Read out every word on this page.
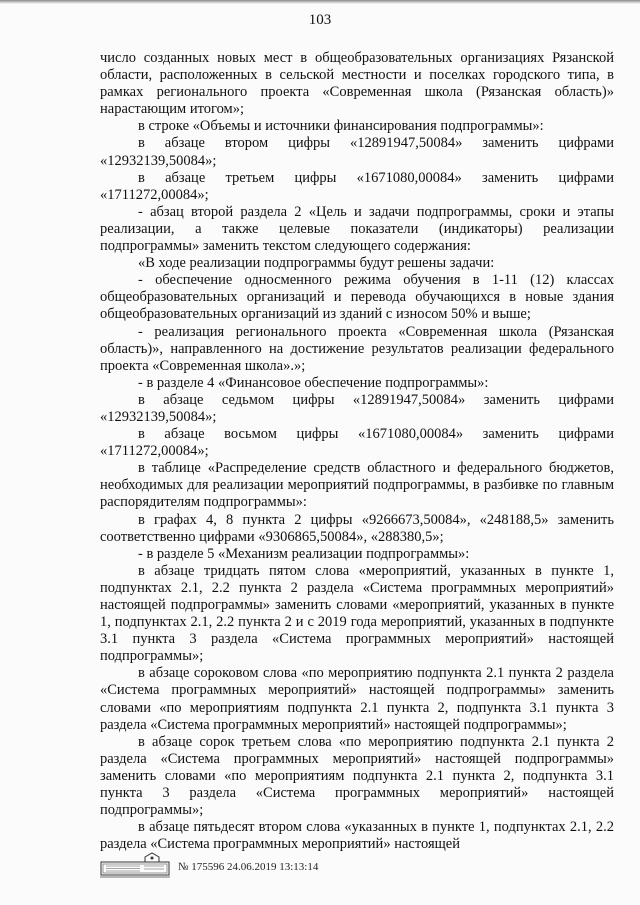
103

число созданных новых мест в общеобразовательных организациях Рязанской области, расположенных в сельской местности и поселках городского типа, в рамках регионального проекта «Современная школа (Рязанская область)» нарастающим итогом»;

в строке «Объемы и источники финансирования подпрограммы»:

в абзаце втором цифры «12891947,50084» заменить цифрами «12932139,50084»;

в абзаце третьем цифры «1671080,00084» заменить цифрами «1711272,00084»;

- абзац второй раздела 2 «Цель и задачи подпрограммы, сроки и этапы реализации, а также целевые показатели (индикаторы) реализации подпрограммы» заменить текстом следующего содержания:

«В ходе реализации подпрограммы будут решены задачи:

- обеспечение односменного режима обучения в 1-11 (12) классах общеобразовательных организаций и перевода обучающихся в новые здания общеобразовательных организаций из зданий с износом 50% и выше;

- реализация регионального проекта «Современная школа (Рязанская область)», направленного на достижение результатов реализации федерального проекта «Современная школа».»;

- в разделе 4 «Финансовое обеспечение подпрограммы»:

в абзаце седьмом цифры «12891947,50084» заменить цифрами «12932139,50084»;

в абзаце восьмом цифры «1671080,00084» заменить цифрами «1711272,00084»;

в таблице «Распределение средств областного и федерального бюджетов, необходимых для реализации мероприятий подпрограммы, в разбивке по главным распорядителям подпрограммы»:

в графах 4, 8 пункта 2 цифры «9266673,50084», «248188,5» заменить соответственно цифрами «9306865,50084», «288380,5»;

- в разделе 5 «Механизм реализации подпрограммы»:

в абзаце тридцать пятом слова «мероприятий, указанных в пункте 1, подпунктах 2.1, 2.2 пункта 2 раздела «Система программных мероприятий» настоящей подпрограммы» заменить словами «мероприятий, указанных в пункте 1, подпунктах 2.1, 2.2 пункта 2 и с 2019 года мероприятий, указанных в подпункте 3.1 пункта 3 раздела «Система программных мероприятий» настоящей подпрограммы»;

в абзаце сороковом слова «по мероприятию подпункта 2.1 пункта 2 раздела «Система программных мероприятий» настоящей подпрограммы» заменить словами «по мероприятиям подпункта 2.1 пункта 2, подпункта 3.1 пункта 3 раздела «Система программных мероприятий» настоящей подпрограммы»;

в абзаце сорок третьем слова «по мероприятию подпункта 2.1 пункта 2 раздела «Система программных мероприятий» настоящей подпрограммы» заменить словами «по мероприятиям подпункта 2.1 пункта 2, подпункта 3.1 пункта 3 раздела «Система программных мероприятий» настоящей подпрограммы»;

в абзаце пятьдесят втором слова «указанных в пункте 1, подпунктах 2.1, 2.2 раздела «Система программных мероприятий» настоящей

№ 175596 24.06.2019 13:13:14
